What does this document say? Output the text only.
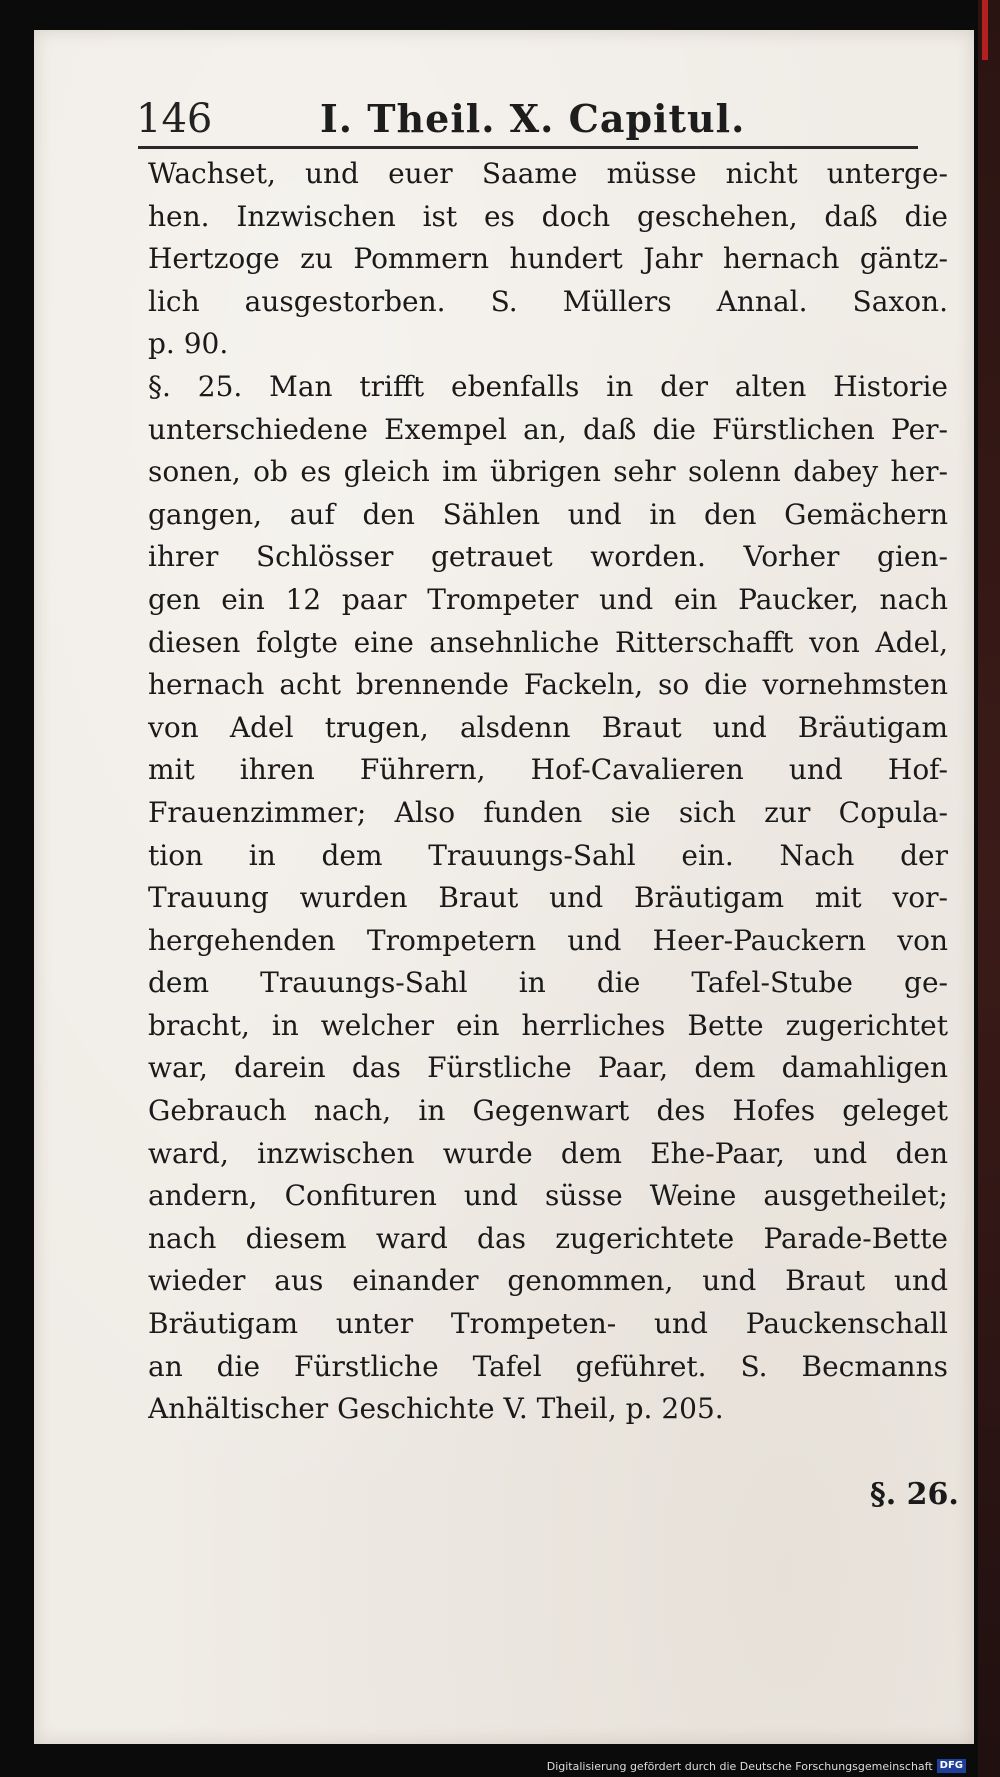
146	I. Theil. X. Capitul.
Wachset, und euer Saame müsse nicht unterge-
hen. Inzwischen ist es doch geschehen, daß die
Hertzoge zu Pommern hundert Jahr hernach gäntz-
lich ausgestorben. S. Müllers Annal. Saxon.
p. 90.
§. 25. Man trifft ebenfalls in der alten Historie
unterschiedene Exempel an, daß die Fürstlichen Per-
sonen, ob es gleich im übrigen sehr solenn dabey her-
gangen, auf den Sählen und in den Gemächern
ihrer Schlösser getrauet worden. Vorher gien-
gen ein 12 paar Trompeter und ein Paucker, nach
diesen folgte eine ansehnliche Ritterschafft von Adel,
hernach acht brennende Fackeln, so die vornehmsten
von Adel trugen, alsdenn Braut und Bräutigam
mit ihren Führern, Hof-Cavalieren und Hof-
Frauenzimmer; Also funden sie sich zur Copula-
tion in dem Trauungs-Sahl ein. Nach der
Trauung wurden Braut und Bräutigam mit vor-
hergehenden Trompetern und Heer-Pauckern von
dem Trauungs-Sahl in die Tafel-Stube ge-
bracht, in welcher ein herrliches Bette zugerichtet
war, darein das Fürstliche Paar, dem damahligen
Gebrauch nach, in Gegenwart des Hofes geleget
ward, inzwischen wurde dem Ehe-Paar, und den
andern, Confituren und süsse Weine ausgetheilet;
nach diesem ward das zugerichtete Parade-Bette
wieder aus einander genommen, und Braut und
Bräutigam unter Trompeten- und Pauckenschall
an die Fürstliche Tafel geführet. S. Becmanns
Anhältischer Geschichte V. Theil, p. 205.
§. 26.
Digitalisierung gefördert durch die Deutsche Forschungsgemeinschaft DFG
